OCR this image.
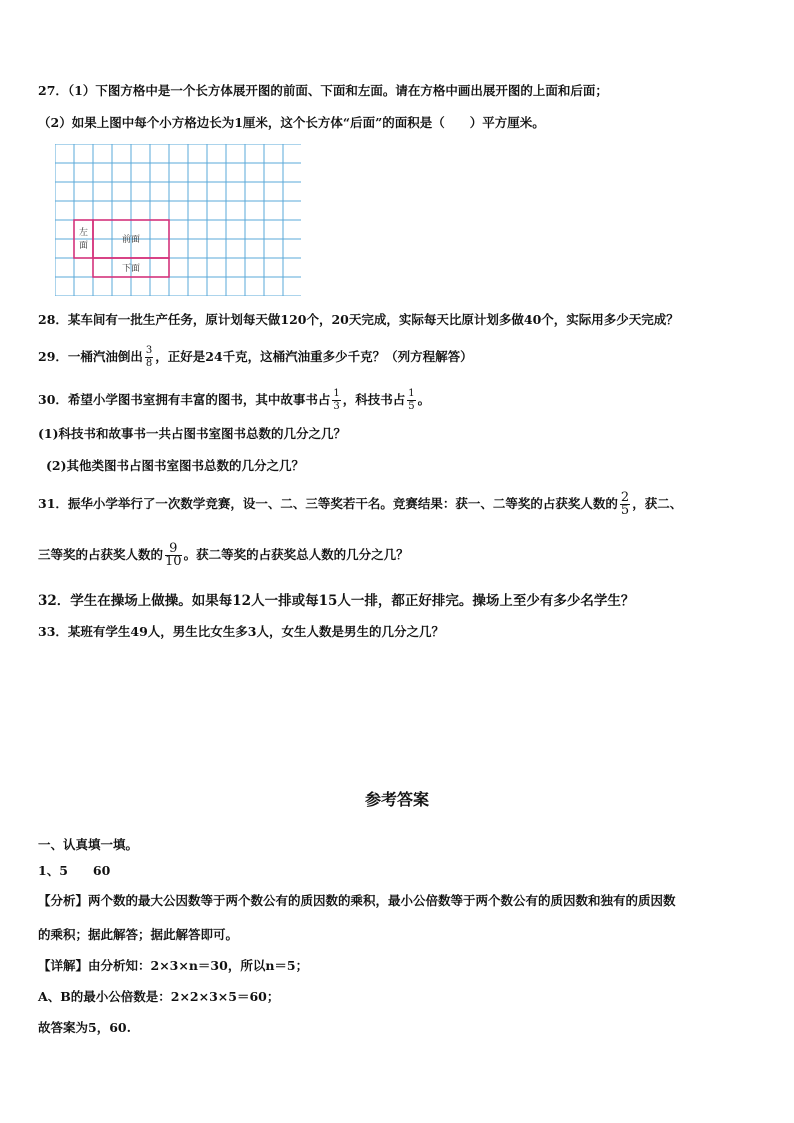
27．（1）下图方格中是一个长方体展开图的前面、下面和左面。请在方格中画出展开图的上面和后面；
（2）如果上图中每个小方格边长为1厘米，这个长方体“后面”的面积是（　　）平方厘米。
左
面
前面
下面
28．某车间有一批生产任务，原计划每天做120个，20天完成，实际每天比原计划多做40个，实际用多少天完成？
29．一桶汽油倒出 $\frac{3}{8}$ ，正好是24千克，这桶汽油重多少千克？（列方程解答）
30．希望小学图书室拥有丰富的图书，其中故事书占 $\frac{1}{3}$ ，科技书占 $\frac{1}{5}$ 。
(1)科技书和故事书一共占图书室图书总数的几分之几？
(2)其他类图书占图书室图书总数的几分之几？
31．振华小学举行了一次数学竞赛，设一、二、三等奖若干名。竞赛结果：获一、二等奖的占获奖人数的 $\frac{2}{5}$ ，获二、
三等奖的占获奖人数的 $\frac{9}{10}$ 。获二等奖的占获奖总人数的几分之几？
32．学生在操场上做操。如果每12人一排或每15人一排，都正好排完。操场上至少有多少名学生？
33．某班有学生49人，男生比女生多3人，女生人数是男生的几分之几？
参考答案
一、认真填一填。
1、5　　60
【分析】两个数的最大公因数等于两个数公有的质因数的乘积，最小公倍数等于两个数公有的质因数和独有的质因数
的乘积；据此解答；据此解答即可。
【详解】由分析知：2×3×n＝30，所以n＝5；
A、B的最小公倍数是：2×2×3×5＝60；
故答案为5，60.
